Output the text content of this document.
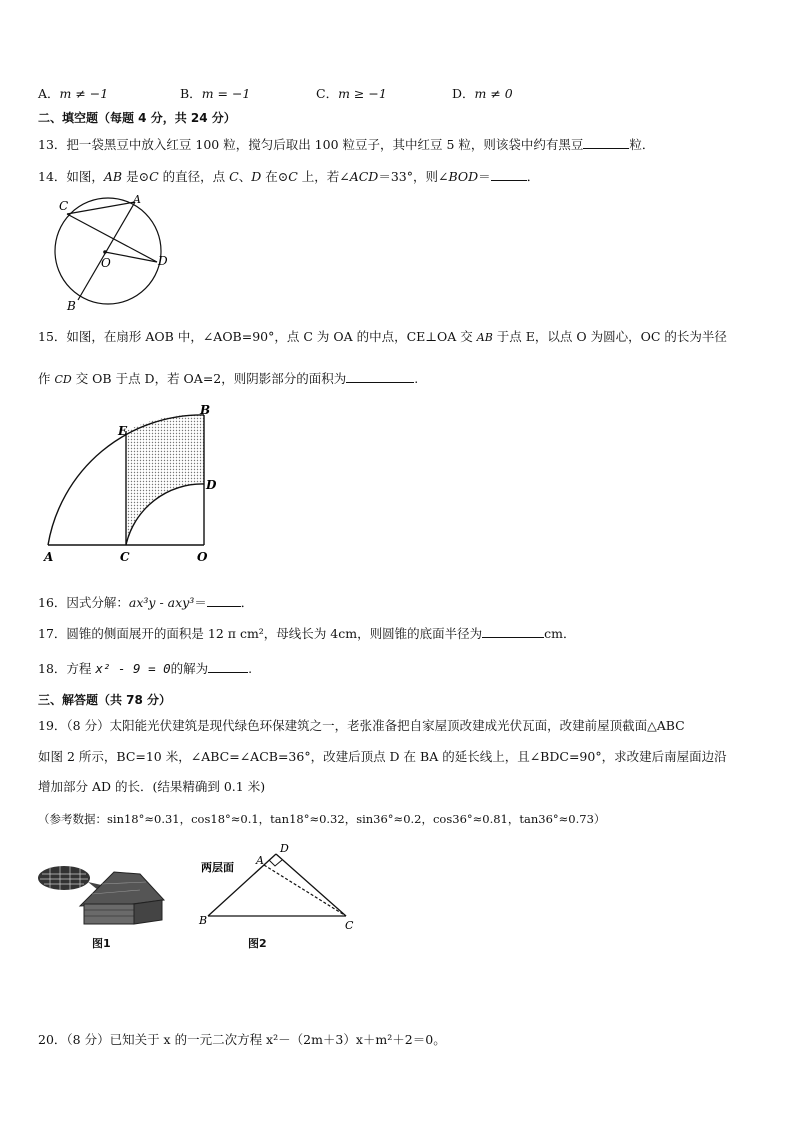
A．m ≠ −1	B．m = −1	C．m ≥ −1	D．m ≠ 0
二、填空题（每题 4 分，共 24 分）
13．把一袋黑豆中放入红豆 100 粒，搅匀后取出 100 粒豆子，其中红豆 5 粒，则该袋中约有黑豆	粒．
14．如图，AB 是⊙C 的直径，点 C、D 在⊙C 上，若∠ACD＝33°，则∠BOD＝	．
C	A
O	D
B
15．如图，在扇形 AOB 中，∠AOB=90°，点 C 为 OA 的中点，CE⊥OA 交 AB 于点 E，以点 O 为圆心，OC 的长为半径
作 CD 交 OB 于点 D，若 OA=2，则阴影部分的面积为	.
B
E
D
A	C	O
16．因式分解：ax³y - axy³＝	．
17．圆锥的侧面展开的面积是 12 π cm²，母线长为 4cm，则圆锥的底面半径为	cm．
18．方程 x² - 9 = 0的解为	.
三、解答题（共 78 分）
19．（8 分）太阳能光伏建筑是现代绿色环保建筑之一，老张准备把自家屋顶改建成光伏瓦面，改建前屋顶截面△ABC
如图 2 所示，BC=10 米，∠ABC=∠ACB=36°，改建后顶点 D 在 BA 的延长线上，且∠BDC=90°，求改建后南屋面边沿
增加部分 AD 的长．(结果精确到 0.1 米)
（参考数据：sin18°≈0.31，cos18°≈0.1，tan18°≈0.32，sin36°≈0.2，cos36°≈0.81，tan36°≈0.73）
图1
两层面
D
A
B	C
图2
20．（8 分）已知关于 x 的一元二次方程 x²－（2m＋3）x＋m²＋2＝0。
